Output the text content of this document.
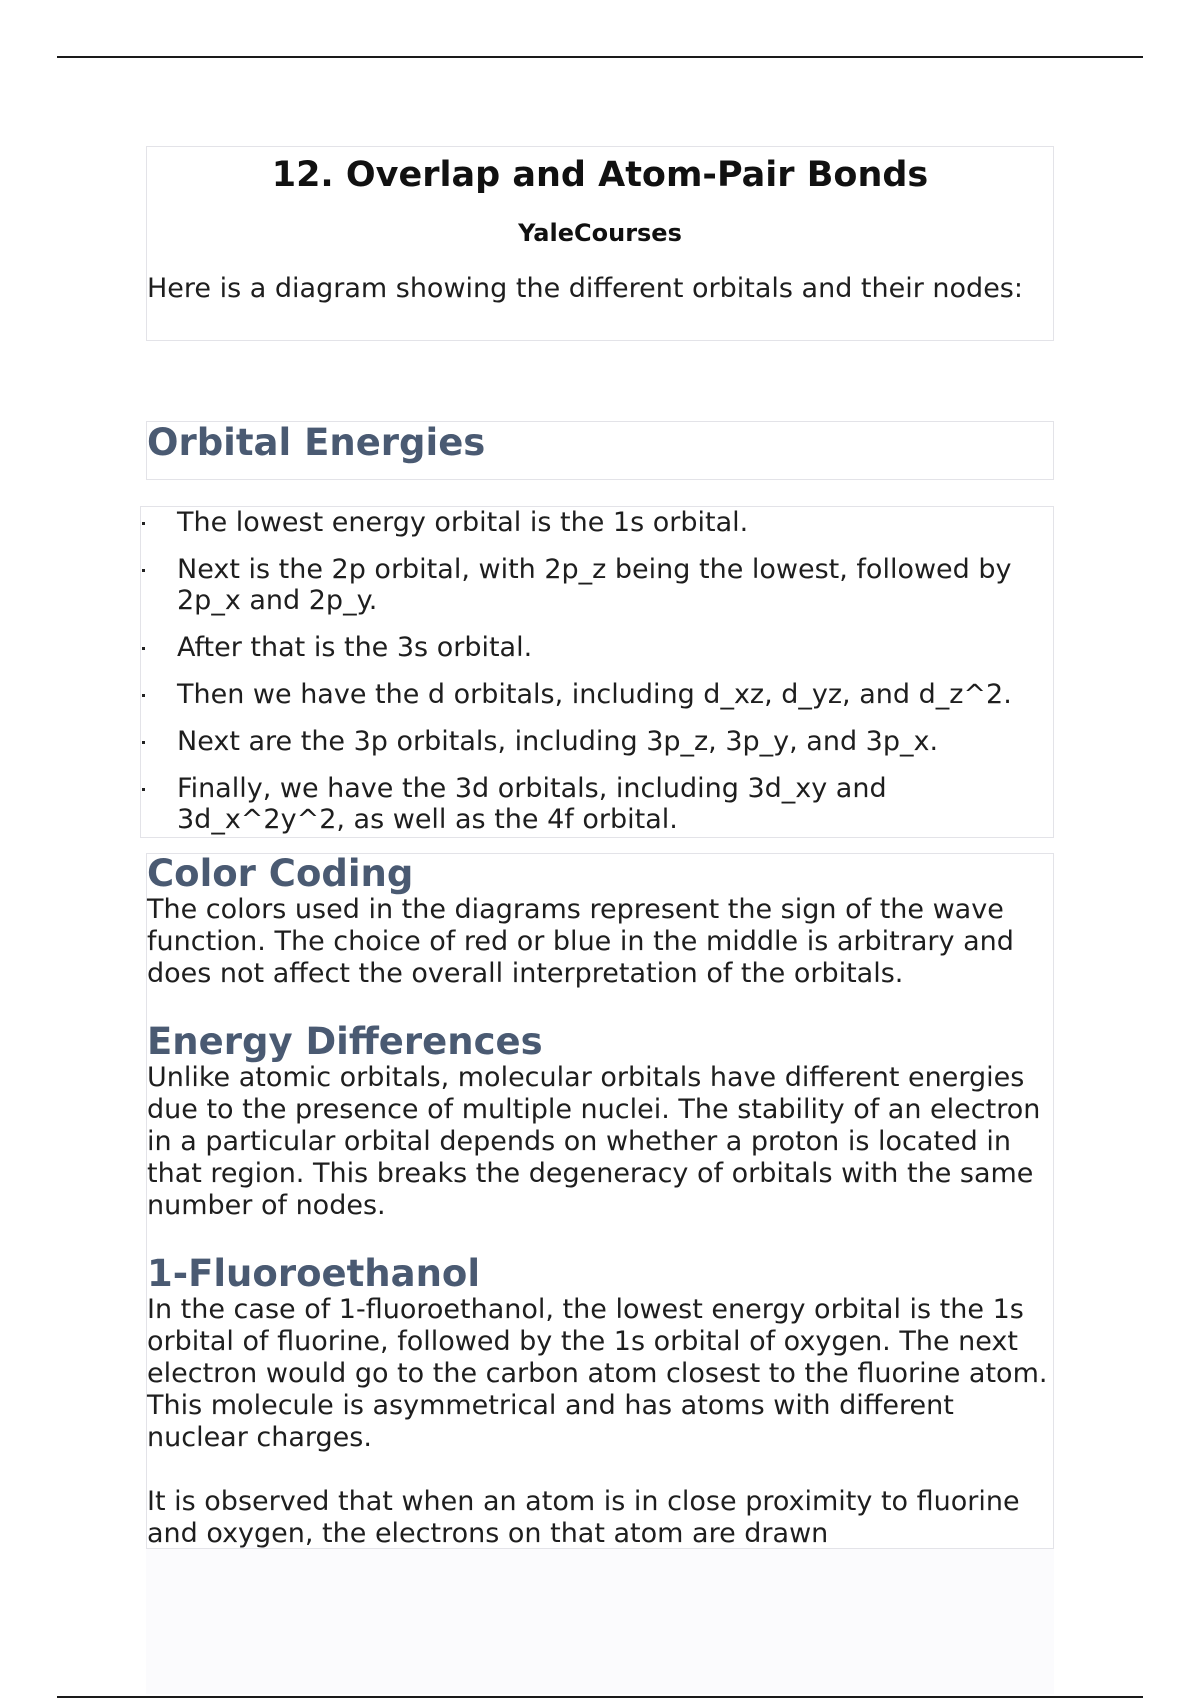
12. Overlap and Atom-Pair Bonds
YaleCourses

Here is a diagram showing the different orbitals and their nodes:

Orbital Energies
The lowest energy orbital is the 1s orbital.
Next is the 2p orbital, with 2p_z being the lowest, followed by 2p_x and 2p_y.
After that is the 3s orbital.
Then we have the d orbitals, including d_xz, d_yz, and d_z^2.
Next are the 3p orbitals, including 3p_z, 3p_y, and 3p_x.
Finally, we have the 3d orbitals, including 3d_xy and 3d_x^2y^2, as well as the 4f orbital.
Color Coding

The colors used in the diagrams represent the sign of the wave function. The choice of red or blue in the middle is arbitrary and does not affect the overall interpretation of the orbitals.

Energy Differences

Unlike atomic orbitals, molecular orbitals have different energies due to the presence of multiple nuclei. The stability of an electron in a particular orbital depends on whether a proton is located in that region. This breaks the degeneracy of orbitals with the same number of nodes.

1-Fluoroethanol

In the case of 1-fluoroethanol, the lowest energy orbital is the 1s orbital of fluorine, followed by the 1s orbital of oxygen. The next electron would go to the carbon atom closest to the fluorine atom. This molecule is asymmetrical and has atoms with different nuclear charges.

It is observed that when an atom is in close proximity to fluorine and oxygen, the electrons on that atom are drawn
